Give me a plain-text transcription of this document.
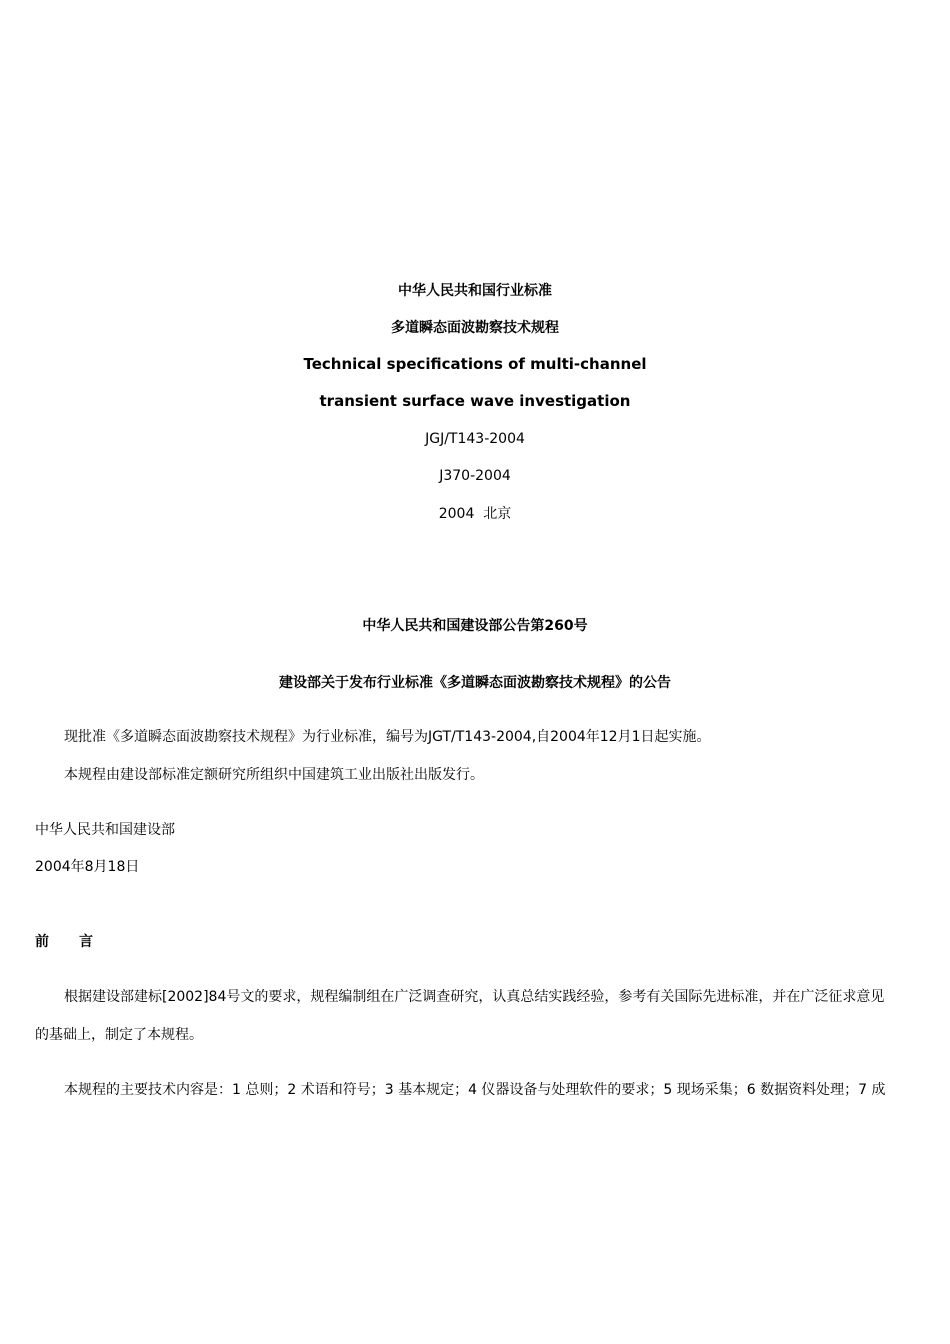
中华人民共和国行业标准
多道瞬态面波勘察技术规程
Technical specifications of multi-channel
transient surface wave investigation
JGJ/T143-2004
J370-2004
2004 北京
中华人民共和国建设部公告第260号
建设部关于发布行业标准《多道瞬态面波勘察技术规程》的公告
现批准《多道瞬态面波勘察技术规程》为行业标准，编号为JGT/T143-2004,自2004年12月1日起实施。
本规程由建设部标准定额研究所组织中国建筑工业出版社出版发行。
中华人民共和国建设部
2004年8月18日
前 言
根据建设部建标[2002]84号文的要求，规程编制组在广泛调查研究，认真总结实践经验，参考有关国际先进标准，并在广泛征求意见
的基础上，制定了本规程。
本规程的主要技术内容是：1 总则；2 术语和符号；3 基本规定；4 仪器设备与处理软件的要求；5 现场采集；6 数据资料处理；7 成
